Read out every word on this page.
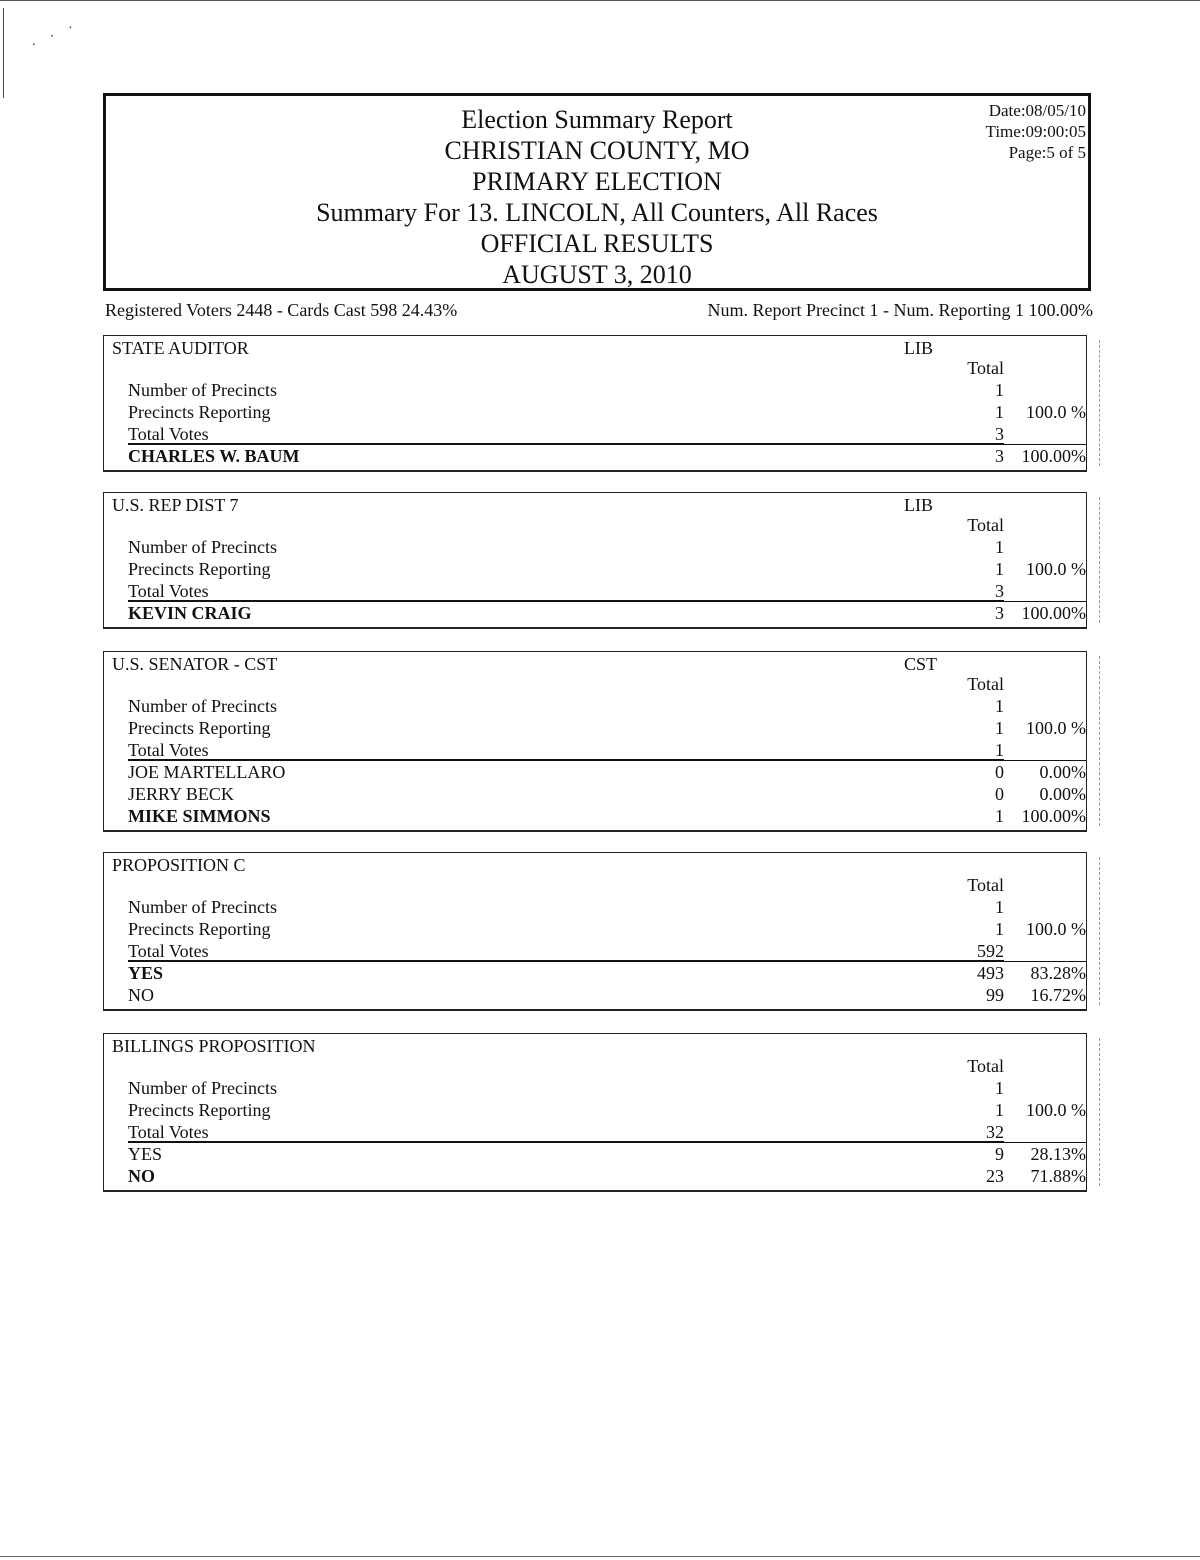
· · ·
Election Summary Report
CHRISTIAN COUNTY, MO
PRIMARY ELECTION
Summary For 13. LINCOLN, All Counters, All Races
OFFICIAL RESULTS
AUGUST 3, 2010
Date:08/05/10
Time:09:00:05
Page:5 of 5
Registered Voters 2448 - Cards Cast 598 24.43%	Num. Report Precinct 1 - Num. Reporting 1 100.00%
STATE AUDITOR	LIB
Total
Number of Precincts	1
Precincts Reporting	1 100.0 %
Total Votes	3
CHARLES W. BAUM	3 100.00%
U.S. REP DIST 7	LIB
Total
Number of Precincts	1
Precincts Reporting	1 100.0 %
Total Votes	3
KEVIN CRAIG	3 100.00%
U.S. SENATOR - CST	CST
Total
Number of Precincts	1
Precincts Reporting	1 100.0 %
Total Votes	1
JOE MARTELLARO	0 0.00%
JERRY BECK	0 0.00%
MIKE SIMMONS	1 100.00%
PROPOSITION C
Total
Number of Precincts	1
Precincts Reporting	1 100.0 %
Total Votes	592
YES	493 83.28%
NO	99 16.72%
BILLINGS PROPOSITION
Total
Number of Precincts	1
Precincts Reporting	1 100.0 %
Total Votes	32
YES	9 28.13%
NO	23 71.88%
